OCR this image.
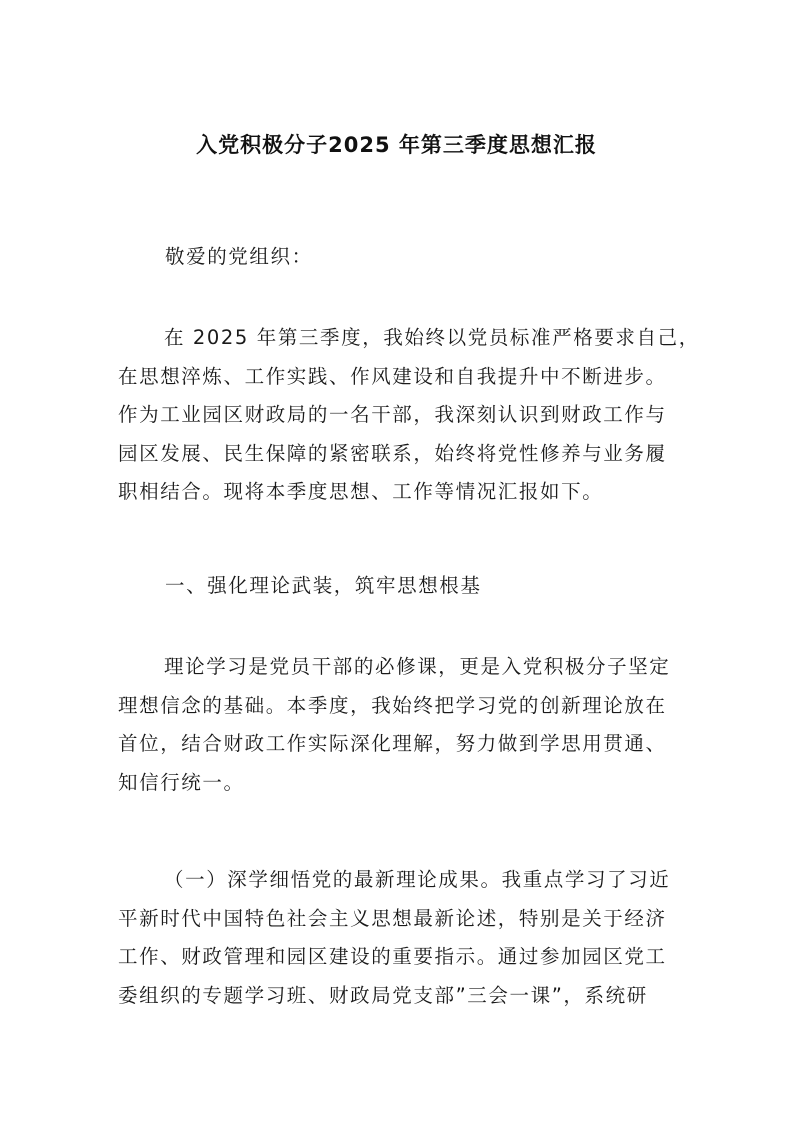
入党积极分子2025 年第三季度思想汇报
敬爱的党组织：
在 2025 年第三季度，我始终以党员标准严格要求自己，
在思想淬炼、工作实践、作风建设和自我提升中不断进步。
作为工业园区财政局的一名干部，我深刻认识到财政工作与
园区发展、民生保障的紧密联系，始终将党性修养与业务履
职相结合。现将本季度思想、工作等情况汇报如下。
一、强化理论武装，筑牢思想根基
理论学习是党员干部的必修课，更是入党积极分子坚定
理想信念的基础。本季度，我始终把学习党的创新理论放在
首位，结合财政工作实际深化理解，努力做到学思用贯通、
知信行统一。
（一）深学细悟党的最新理论成果。我重点学习了习近
平新时代中国特色社会主义思想最新论述，特别是关于经济
工作、财政管理和园区建设的重要指示。通过参加园区党工
委组织的专题学习班、财政局党支部”三会一课”，系统研
